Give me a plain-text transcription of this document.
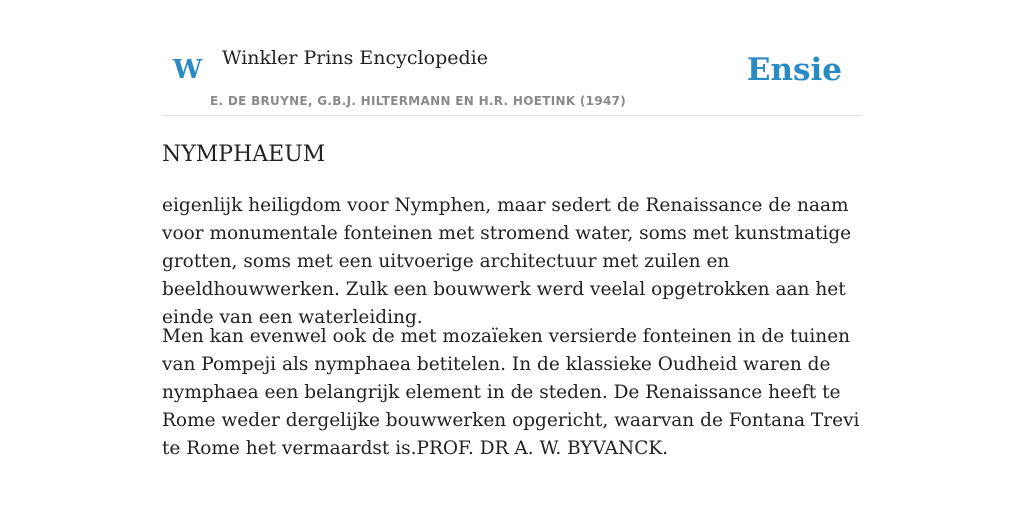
W Winkler Prins Encyclopedie	Ensie
E. DE BRUYNE, G.B.J. HILTERMANN EN H.R. HOETINK (1947)
NYMPHAEUM

eigenlijk heiligdom voor Nymphen, maar sedert de Renaissance de naam voor monumentale fonteinen met stromend water, soms met kunstmatige grotten, soms met een uitvoerige architectuur met zuilen en beeldhouwwerken. Zulk een bouwwerk werd veelal opgetrokken aan het einde van een waterleiding.

Men kan evenwel ook de met mozaïeken versierde fonteinen in de tuinen van Pompeji als nymphaea betitelen. In de klassieke Oudheid waren de nymphaea een belangrijk element in de steden. De Renaissance heeft te Rome weder dergelijke bouwwerken opgericht, waarvan de Fontana Trevi te Rome het vermaardst is.PROF. DR A. W. BYVANCK.
